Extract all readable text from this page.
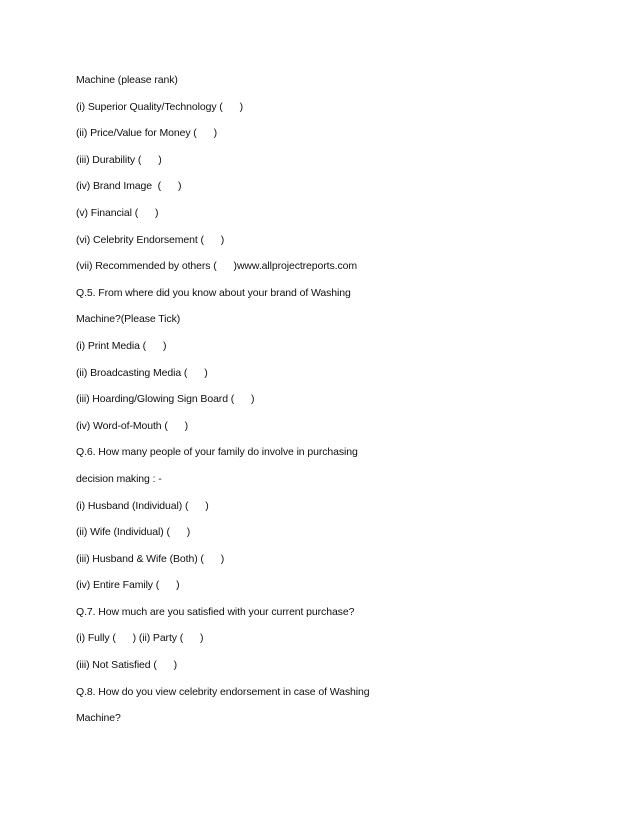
Machine (please rank)
(i) Superior Quality/Technology (      )
(ii) Price/Value for Money (      )
(iii) Durability (      )
(iv) Brand Image  (      )
(v) Financial (      )
(vi) Celebrity Endorsement (      )
(vii) Recommended by others (      )www.allprojectreports.com
Q.5. From where did you know about your brand of Washing
Machine?(Please Tick)
(i) Print Media (      )
(ii) Broadcasting Media (      )
(iii) Hoarding/Glowing Sign Board (      )
(iv) Word-of-Mouth (      )
Q.6. How many people of your family do involve in purchasing
decision making : -
(i) Husband (Individual) (      )
(ii) Wife (Individual) (      )
(iii) Husband & Wife (Both) (      )
(iv) Entire Family (      )
Q.7. How much are you satisfied with your current purchase?
(i) Fully (      ) (ii) Party (      )
(iii) Not Satisfied (      )
Q.8. How do you view celebrity endorsement in case of Washing
Machine?
